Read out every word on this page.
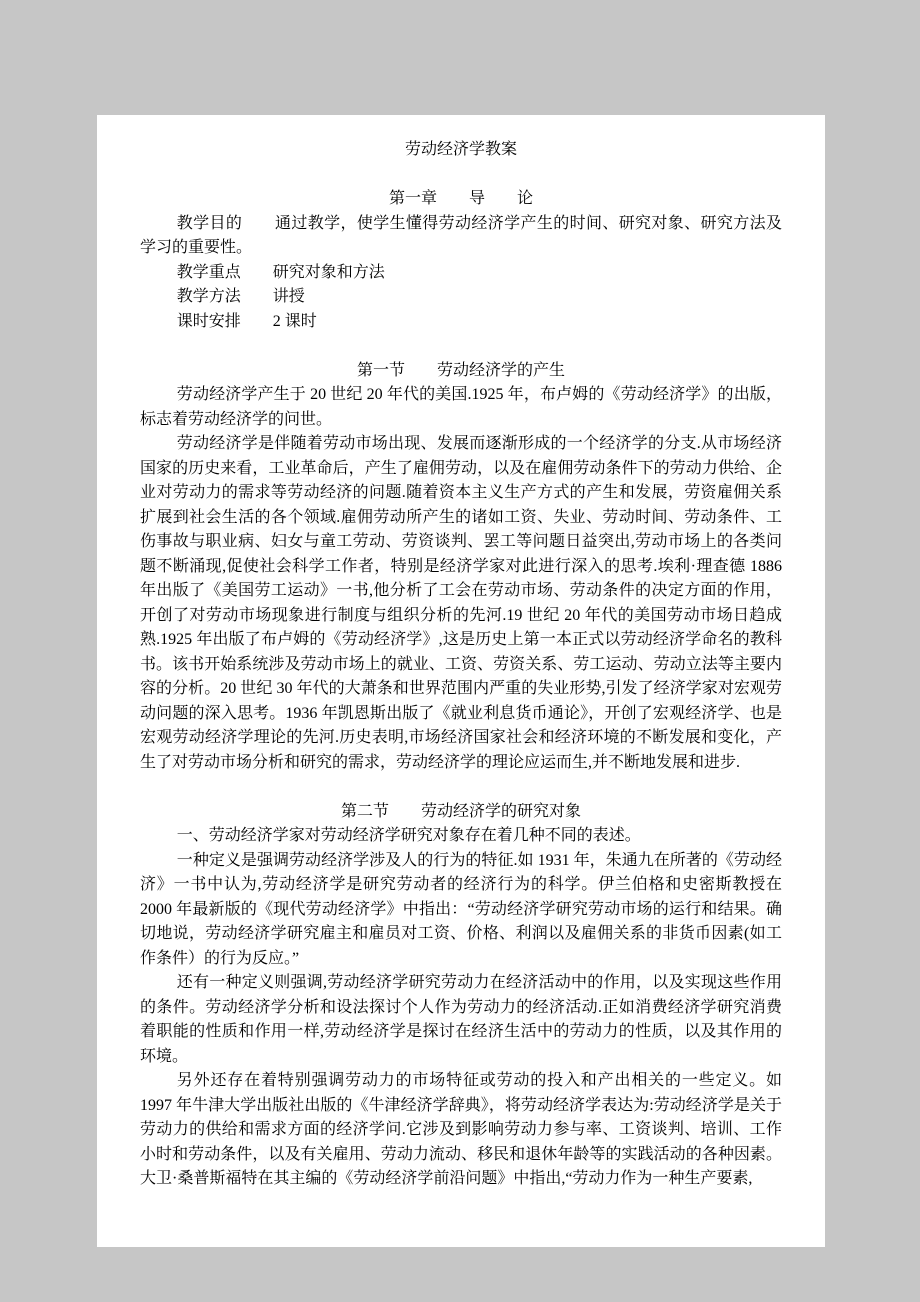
劳动经济学教案
第一章　　导　　论

教学目的　　通过教学，使学生懂得劳动经济学产生的时间、研究对象、研究方法及学习的重要性。

教学重点　　研究对象和方法

教学方法　　讲授

课时安排　　2 课时

第一节　　劳动经济学的产生

劳动经济学产生于 20 世纪 20 年代的美国.1925 年，布卢姆的《劳动经济学》的出版，标志着劳动经济学的问世。

劳动经济学是伴随着劳动市场出现、发展而逐渐形成的一个经济学的分支.从市场经济国家的历史来看，工业革命后，产生了雇佣劳动，以及在雇佣劳动条件下的劳动力供给、企业对劳动力的需求等劳动经济的问题.随着资本主义生产方式的产生和发展，劳资雇佣关系扩展到社会生活的各个领域.雇佣劳动所产生的诸如工资、失业、劳动时间、劳动条件、工伤事故与职业病、妇女与童工劳动、劳资谈判、罢工等问题日益突出,劳动市场上的各类问题不断涌现,促使社会科学工作者，特别是经济学家对此进行深入的思考.埃利·理查德 1886 年出版了《美国劳工运动》一书,他分析了工会在劳动市场、劳动条件的决定方面的作用，开创了对劳动市场现象进行制度与组织分析的先河.19 世纪 20 年代的美国劳动市场日趋成熟.1925 年出版了布卢姆的《劳动经济学》,这是历史上第一本正式以劳动经济学命名的教科书。该书开始系统涉及劳动市场上的就业、工资、劳资关系、劳工运动、劳动立法等主要内容的分析。20 世纪 30 年代的大萧条和世界范围内严重的失业形势,引发了经济学家对宏观劳动问题的深入思考。1936 年凯恩斯出版了《就业利息货币通论》，开创了宏观经济学、也是宏观劳动经济学理论的先河.历史表明,市场经济国家社会和经济环境的不断发展和变化，产生了对劳动市场分析和研究的需求，劳动经济学的理论应运而生,并不断地发展和进步.

第二节　　劳动经济学的研究对象

一、劳动经济学家对劳动经济学研究对象存在着几种不同的表述。

一种定义是强调劳动经济学涉及人的行为的特征.如 1931 年，朱通九在所著的《劳动经济》一书中认为,劳动经济学是研究劳动者的经济行为的科学。伊兰伯格和史密斯教授在 2000 年最新版的《现代劳动经济学》中指出：“劳动经济学研究劳动市场的运行和结果。确切地说，劳动经济学研究雇主和雇员对工资、价格、利润以及雇佣关系的非货币因素(如工作条件）的行为反应。”

还有一种定义则强调,劳动经济学研究劳动力在经济活动中的作用，以及实现这些作用的条件。劳动经济学分析和设法探讨个人作为劳动力的经济活动.正如消费经济学研究消费着职能的性质和作用一样,劳动经济学是探讨在经济生活中的劳动力的性质，以及其作用的环境。

另外还存在着特别强调劳动力的市场特征或劳动的投入和产出相关的一些定义。如 1997 年牛津大学出版社出版的《牛津经济学辞典》，将劳动经济学表达为:劳动经济学是关于劳动力的供给和需求方面的经济学问.它涉及到影响劳动力参与率、工资谈判、培训、工作小时和劳动条件，以及有关雇用、劳动力流动、移民和退休年龄等的实践活动的各种因素。大卫·桑普斯福特在其主编的《劳动经济学前沿问题》中指出,“劳动力作为一种生产要素,
